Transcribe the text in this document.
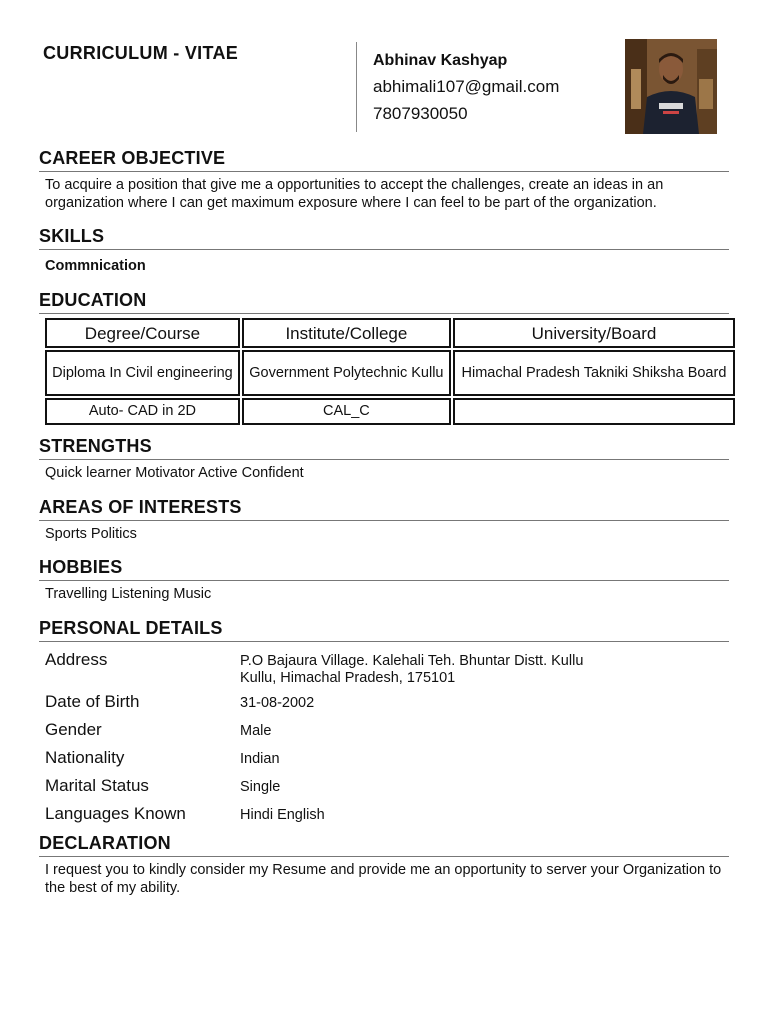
CURRICULUM - VITAE	Abhinav Kashyap
abhimali107@gmail.com
7807930050
CAREER OBJECTIVE
To acquire a position that give me a opportunities to accept the challenges, create an ideas in an organization where I can get maximum exposure where I can feel to be part of the organization.
SKILLS
Commnication
EDUCATION
Degree/Course	Institute/College	University/Board
Diploma In Civil engineering	Government Polytechnic Kullu	Himachal Pradesh Takniki Shiksha Board
Auto- CAD in 2D	CAL_C	
STRENGTHS
Quick learner Motivator Active Confident
AREAS OF INTERESTS
Sports Politics
HOBBIES
Travelling Listening Music
PERSONAL DETAILS
Address	P.O Bajaura Village. Kalehali Teh. Bhuntar Distt. Kullu
Kullu, Himachal Pradesh, 175101
Date of Birth	31-08-2002
Gender	Male
Nationality	Indian
Marital Status	Single
Languages Known	Hindi English
DECLARATION
I request you to kindly consider my Resume and provide me an opportunity to server your Organization to the best of my ability.
